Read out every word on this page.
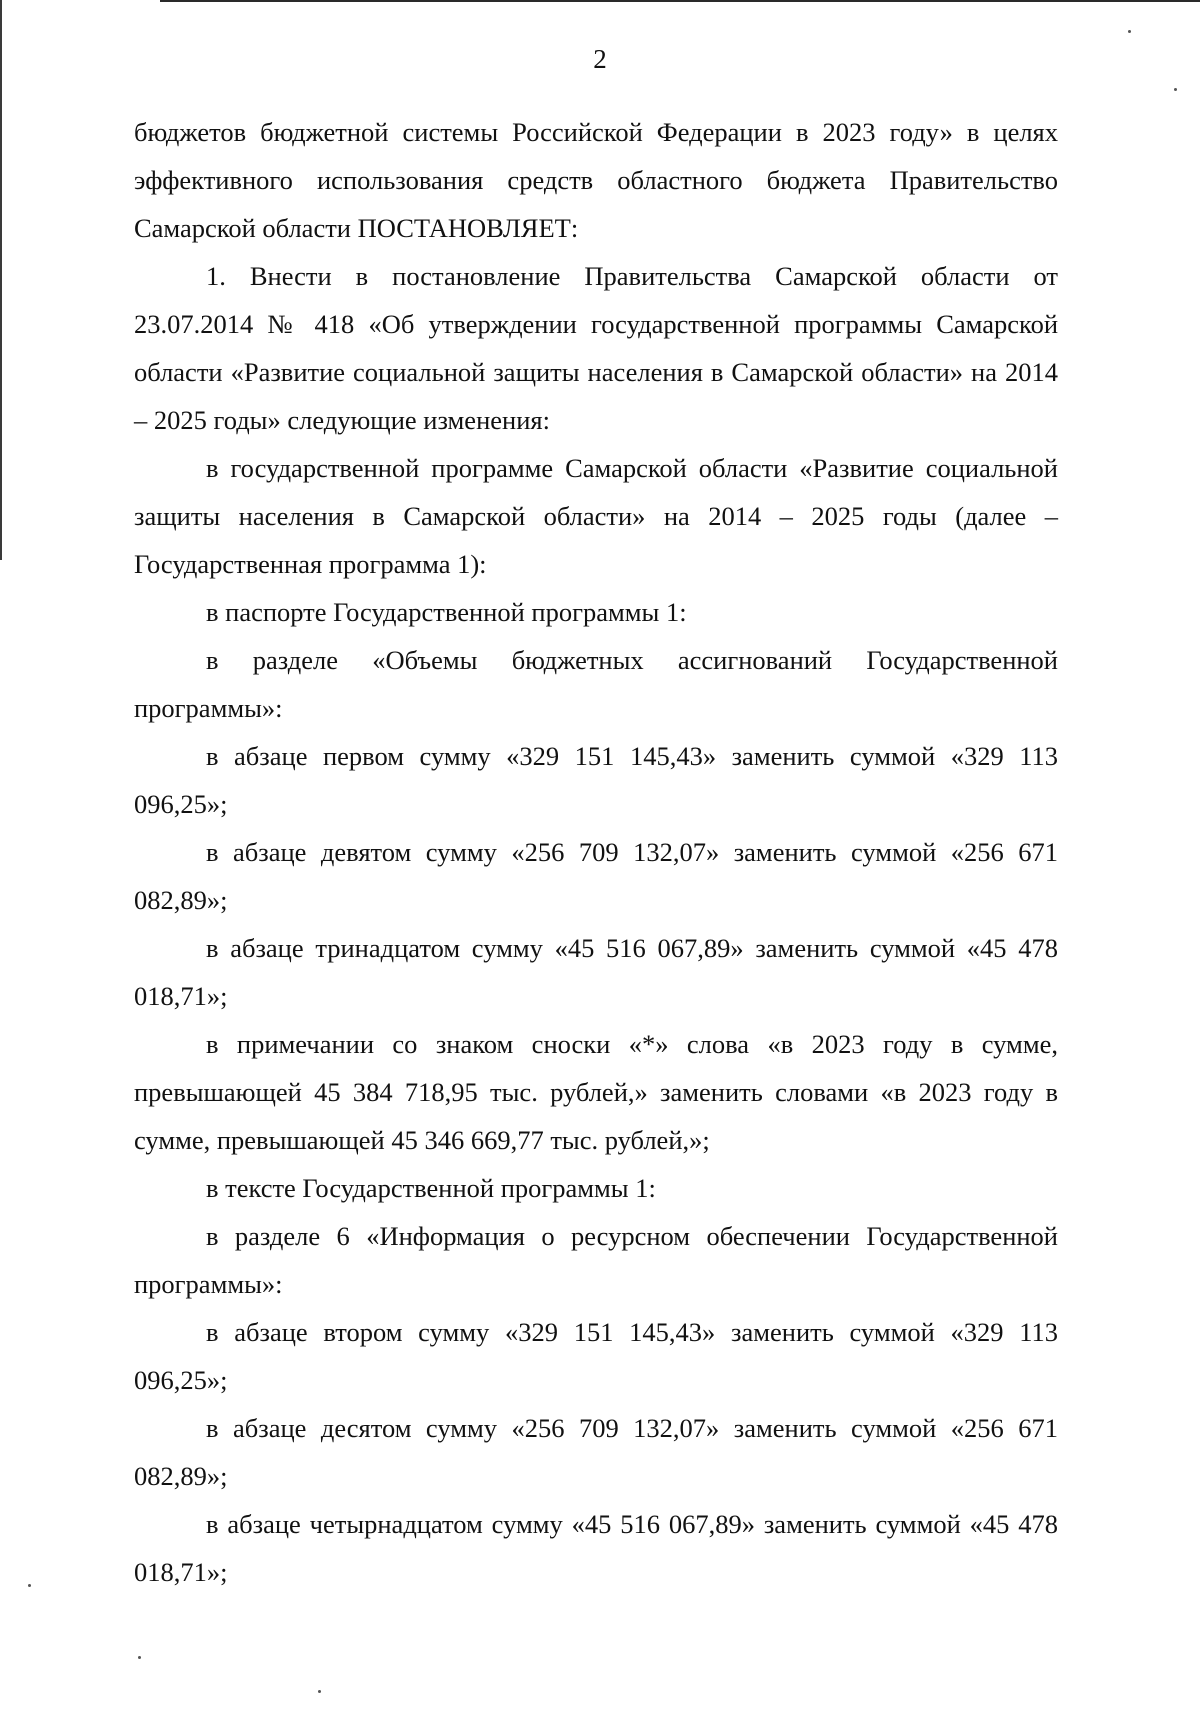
2

бюджетов бюджетной системы Российской Федерации в 2023 году» в целях эффективного использования средств областного бюджета Правительство Самарской области ПОСТАНОВЛЯЕТ:

1. Внести в постановление Правительства Самарской области от 23.07.2014 № 418 «Об утверждении государственной программы Самарской области «Развитие социальной защиты населения в Самарской области» на 2014 – 2025 годы» следующие изменения:

в государственной программе Самарской области «Развитие социальной защиты населения в Самарской области» на 2014 – 2025 годы (далее – Государственная программа 1):

в паспорте Государственной программы 1:

в разделе «Объемы бюджетных ассигнований Государственной программы»:

в абзаце первом сумму «329 151 145,43» заменить суммой «329 113 096,25»;

в абзаце девятом сумму «256 709 132,07» заменить суммой «256 671 082,89»;

в абзаце тринадцатом сумму «45 516 067,89» заменить суммой «45 478 018,71»;

в примечании со знаком сноски «*» слова «в 2023 году в сумме, превышающей 45 384 718,95 тыс. рублей,» заменить словами «в 2023 году в сумме, превышающей 45 346 669,77 тыс. рублей,»;

в тексте Государственной программы 1:

в разделе 6 «Информация о ресурсном обеспечении Государственной программы»:

в абзаце втором сумму «329 151 145,43» заменить суммой «329 113 096,25»;

в абзаце десятом сумму «256 709 132,07» заменить суммой «256 671 082,89»;

в абзаце четырнадцатом сумму «45 516 067,89» заменить суммой «45 478 018,71»;
